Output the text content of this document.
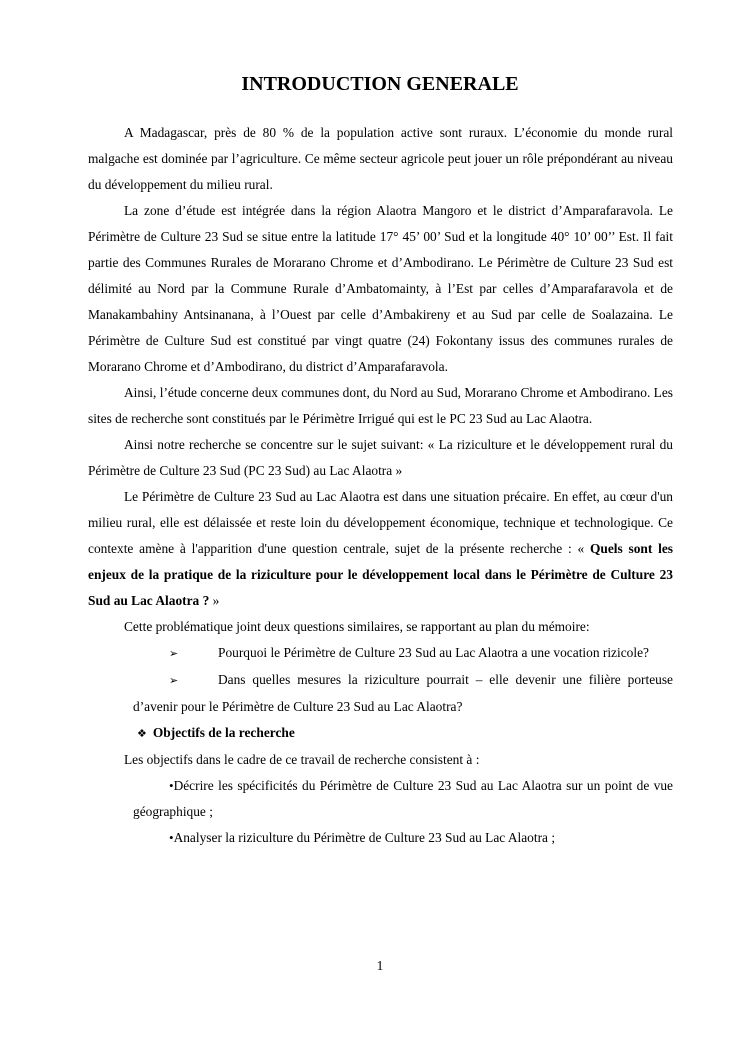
INTRODUCTION GENERALE

A Madagascar, près de 80 % de la population active sont ruraux. L’économie du monde rural malgache est dominée par l’agriculture. Ce même secteur agricole peut jouer un rôle prépondérant au niveau du développement du milieu rural.

La zone d’étude est intégrée dans la région Alaotra Mangoro et le district d’Amparafaravola. Le Périmètre de Culture 23 Sud se situe entre la latitude 17° 45’ 00’ Sud et la longitude 40° 10’ 00’’ Est. Il fait partie des Communes Rurales de Morarano Chrome et d’Ambodirano. Le Périmètre de Culture 23 Sud est délimité au Nord par la Commune Rurale d’Ambatomainty, à l’Est par celles d’Amparafaravola et de Manakambahiny Antsinanana, à l’Ouest par celle d’Ambakireny et au Sud par celle de Soalazaina. Le Périmètre de Culture Sud est constitué par vingt quatre (24) Fokontany issus des communes rurales de Morarano Chrome et d’Ambodirano, du district d’Amparafaravola.

Ainsi, l’étude concerne deux communes dont, du Nord au Sud, Morarano Chrome et Ambodirano. Les sites de recherche sont constitués par le Périmètre Irrigué qui est le PC 23 Sud au Lac Alaotra.

Ainsi notre recherche se concentre sur le sujet suivant: « La riziculture et le développement rural du Périmètre de Culture 23 Sud (PC 23 Sud) au Lac Alaotra »

Le Périmètre de Culture 23 Sud au Lac Alaotra est dans une situation précaire. En effet, au cœur d'un milieu rural, elle est délaissée et reste loin du développement économique, technique et technologique. Ce contexte amène à l'apparition d'une question centrale, sujet de la présente recherche : « Quels sont les enjeux de la pratique de la riziculture pour le développement local dans le Périmètre de Culture 23 Sud au Lac Alaotra ? »

Cette problématique joint deux questions similaires, se rapportant au plan du mémoire:

➢	Pourquoi le Périmètre de Culture 23 Sud au Lac Alaotra a une vocation rizicole?
➢	Dans quelles mesures la riziculture pourrait – elle devenir une filière porteuse d’avenir pour le Périmètre de Culture 23 Sud au Lac Alaotra?
❖ Objectifs de la recherche

Les objectifs dans le cadre de ce travail de recherche consistent à :

•Décrire les spécificités du Périmètre de Culture 23 Sud au Lac Alaotra sur un point de vue géographique ;
•Analyser la riziculture du Périmètre de Culture 23 Sud au Lac Alaotra ;
1
